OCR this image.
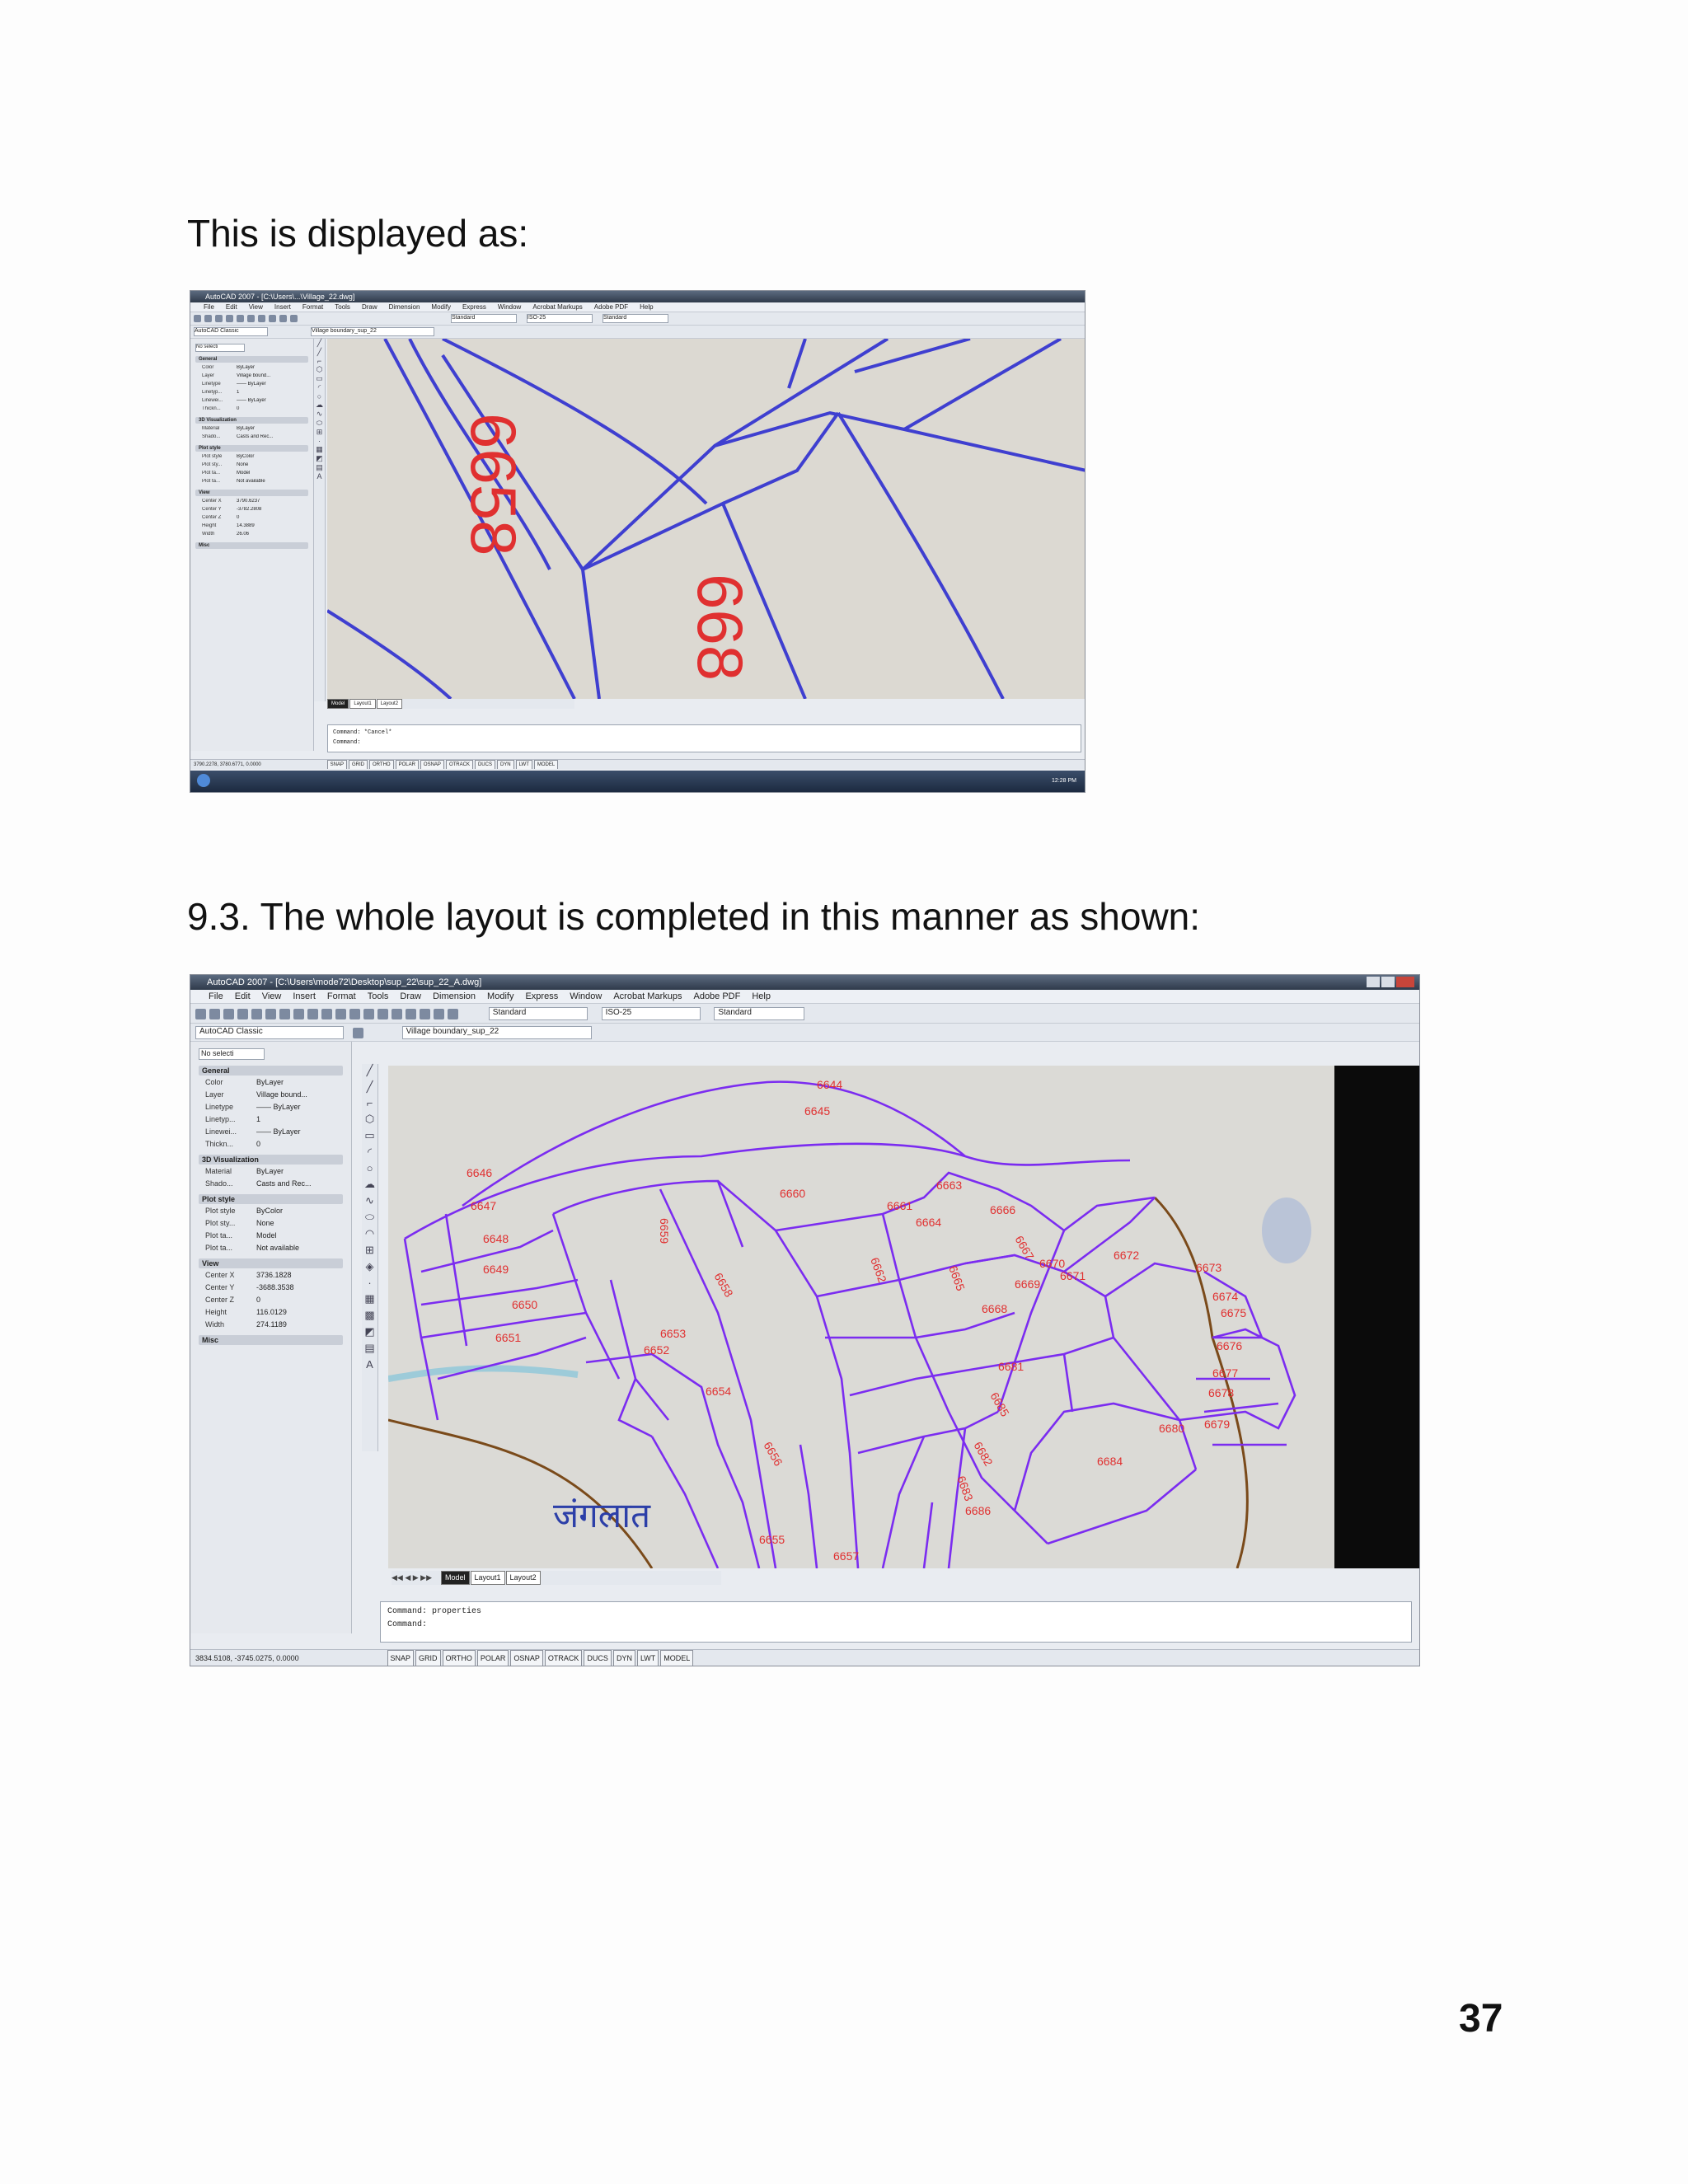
This is displayed as:
AutoCAD 2007 - [C:\Users\...\Village_22.dwg]
File Edit View Insert Format Tools Draw Dimension Modify Express Window Acrobat Markups Adobe PDF Help
Standard	ISO-25	Standard
AutoCAD Classic	Village boundary_sup_22
No selecti
General
Color	ByLayer
Layer	Village bound...
Linetype	—— ByLayer
Linetyp...	1
Linewei...	—— ByLayer
Thickn...	0
3D Visualization
Material	ByLayer
Shado...	Casts and Rec...
Plot style
Plot style	ByColor
Plot sty...	None
Plot ta...	Model
Plot ta...	Not available
View
Center X	3790.6237
Center Y	-3782.2808
Center Z	0
Height	14.3889
Width	26.06
Misc
╱
╱
⌐
⬡
▭
◜
○
☁
∿
⬭
⊞
·
▦
◩
▤
A 6658
668
Model Layout1 Layout2
Command: *Cancel*
Command:
3790.2278, 3780.6771, 0.0000	SNAP GRID ORTHO POLAR OSNAP OTRACK DUCS DYN LWT MODEL
12:28 PM
9.3. The whole layout is completed in this manner as shown:
AutoCAD 2007 - [C:\Users\mode72\Desktop\sup_22\sup_22_A.dwg]
File Edit View Insert Format Tools Draw Dimension Modify Express Window Acrobat Markups Adobe PDF Help
Standard	ISO-25	Standard
AutoCAD Classic	Village boundary_sup_22
No selecti
General
Color	ByLayer
Layer	Village bound...
Linetype	—— ByLayer
Linetyp...	1
Linewei...	—— ByLayer
Thickn...	0
3D Visualization
Material	ByLayer
Shado...	Casts and Rec...
Plot style
Plot style	ByColor
Plot sty...	None
Plot ta...	Model
Plot ta...	Not available
View
Center X	3736.1828
Center Y	-3688.3538
Center Z	0
Height	116.0129
Width	274.1189
Misc
╱
╱
⌐
⬡
▭
◜
○
☁
∿
⬭
◠
⊞
◈
·
▦
▩
◩
▤
A
6644
6645
6646
6647
6648
6649
6650
6651
6652
6653
6654
6655
6656
6657
6658
6659
6660
6661
6662
6663
6664
6665
6666
6667
6668
6669
6670
6671
6672
6673
6674
6675
6676
6677
6678
6679
6680
6681
6682
6683
6684
6685
6686
जंगलात
◀◀ ◀ ▶ ▶▶ Model Layout1 Layout2
Command: properties
Command:
3834.5108, -3745.0275, 0.0000	SNAP GRID ORTHO POLAR OSNAP OTRACK DUCS DYN LWT MODEL
37
